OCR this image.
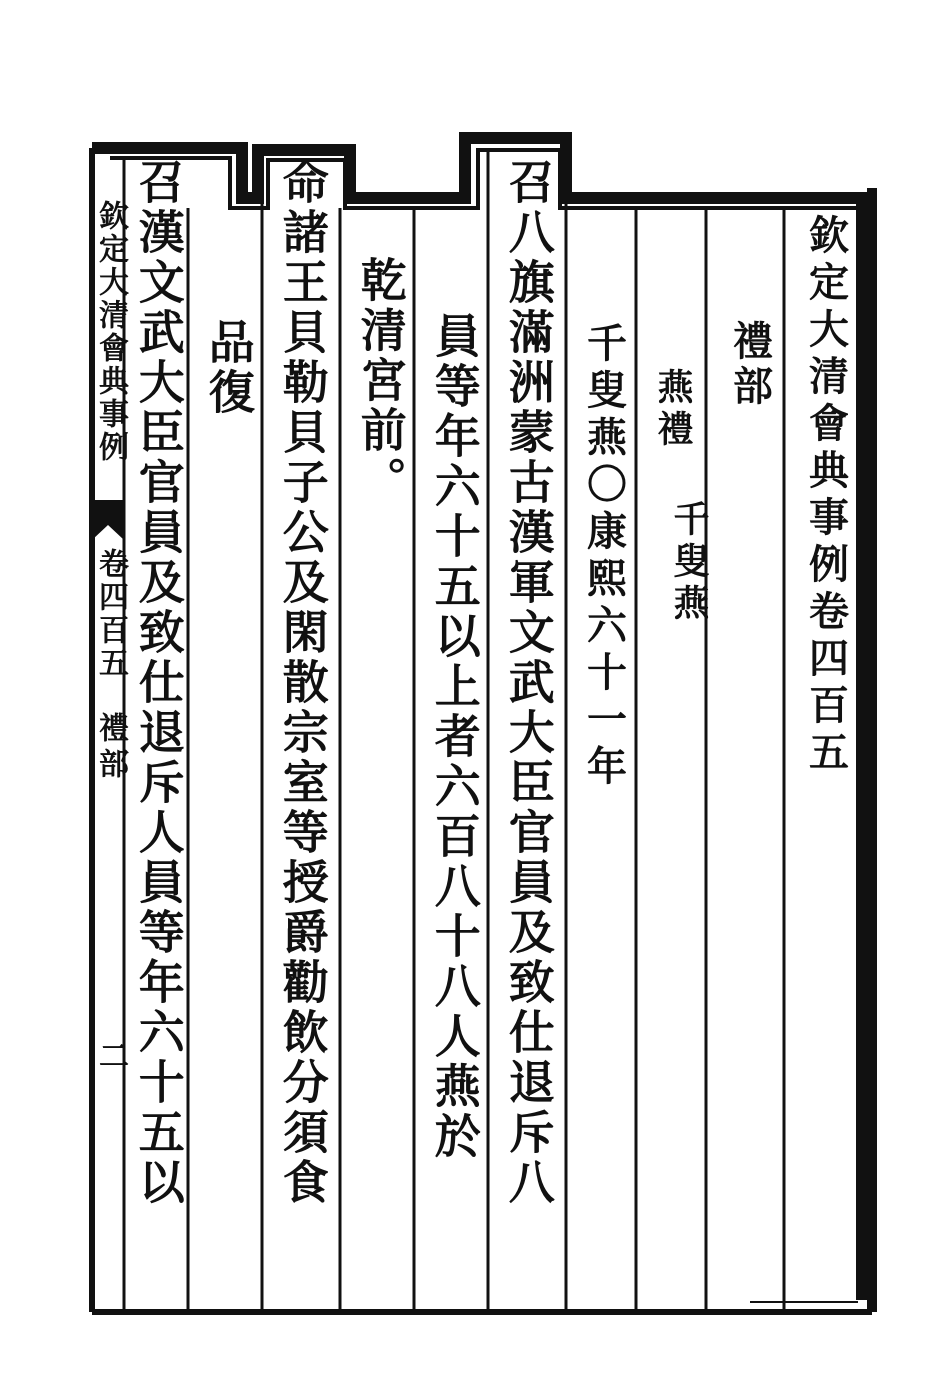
欽定大清會典事例卷四百五
禮部
燕禮
千叟燕
千叟燕〇康熙六十一年
召八旗滿洲蒙古漢軍文武大臣官員及致仕退斥八
員等年六十五以上者六百八十八人燕於
乾清宮前。
命諸王貝勒貝子公及閑散宗室等授爵勸飲分須食
品復
召漢文武大臣官員及致仕退斥人員等年六十五以
欽定大清會典事例
卷四百五
禮部
二
